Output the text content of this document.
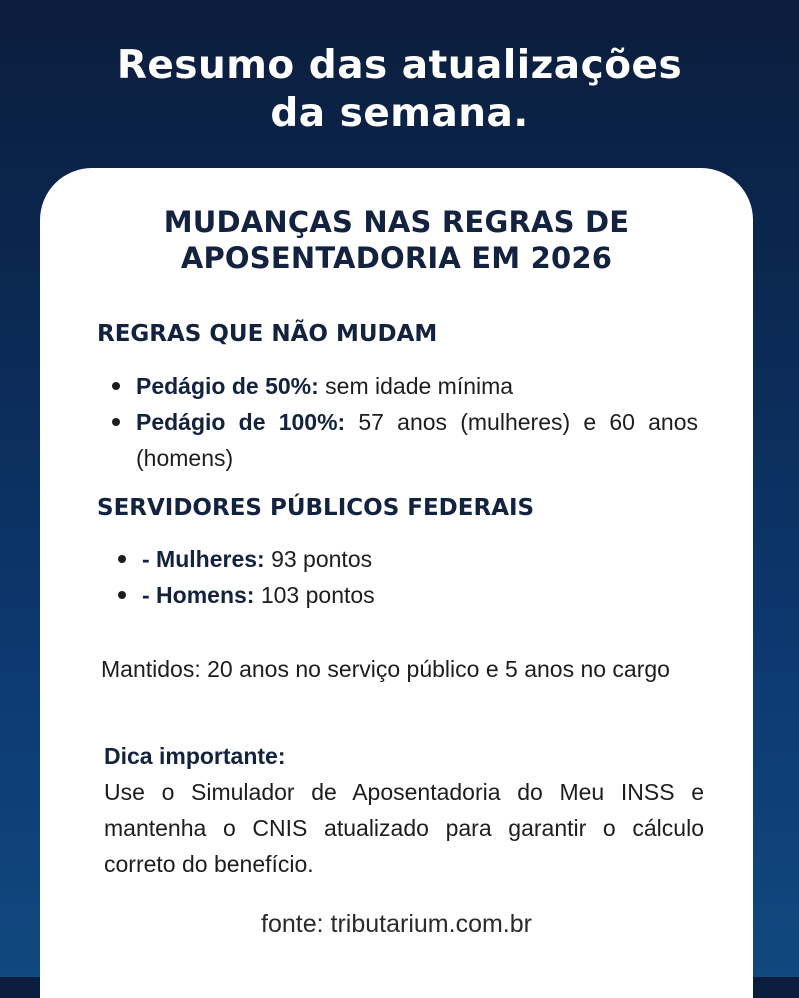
Resumo das atualizações
da semana.
MUDANÇAS NAS REGRAS DE
APOSENTADORIA EM 2026
REGRAS QUE NÃO MUDAM
Pedágio de 50%: sem idade mínima
Pedágio de 100%: 57 anos (mulheres) e 60 anos (homens)
SERVIDORES PÚBLICOS FEDERAIS
- Mulheres: 93 pontos
- Homens: 103 pontos
Mantidos: 20 anos no serviço público e 5 anos no cargo
Dica importante:
Use o Simulador de Aposentadoria do Meu INSS e mantenha o CNIS atualizado para garantir o cálculo correto do benefício.
fonte: tributarium.com.br
